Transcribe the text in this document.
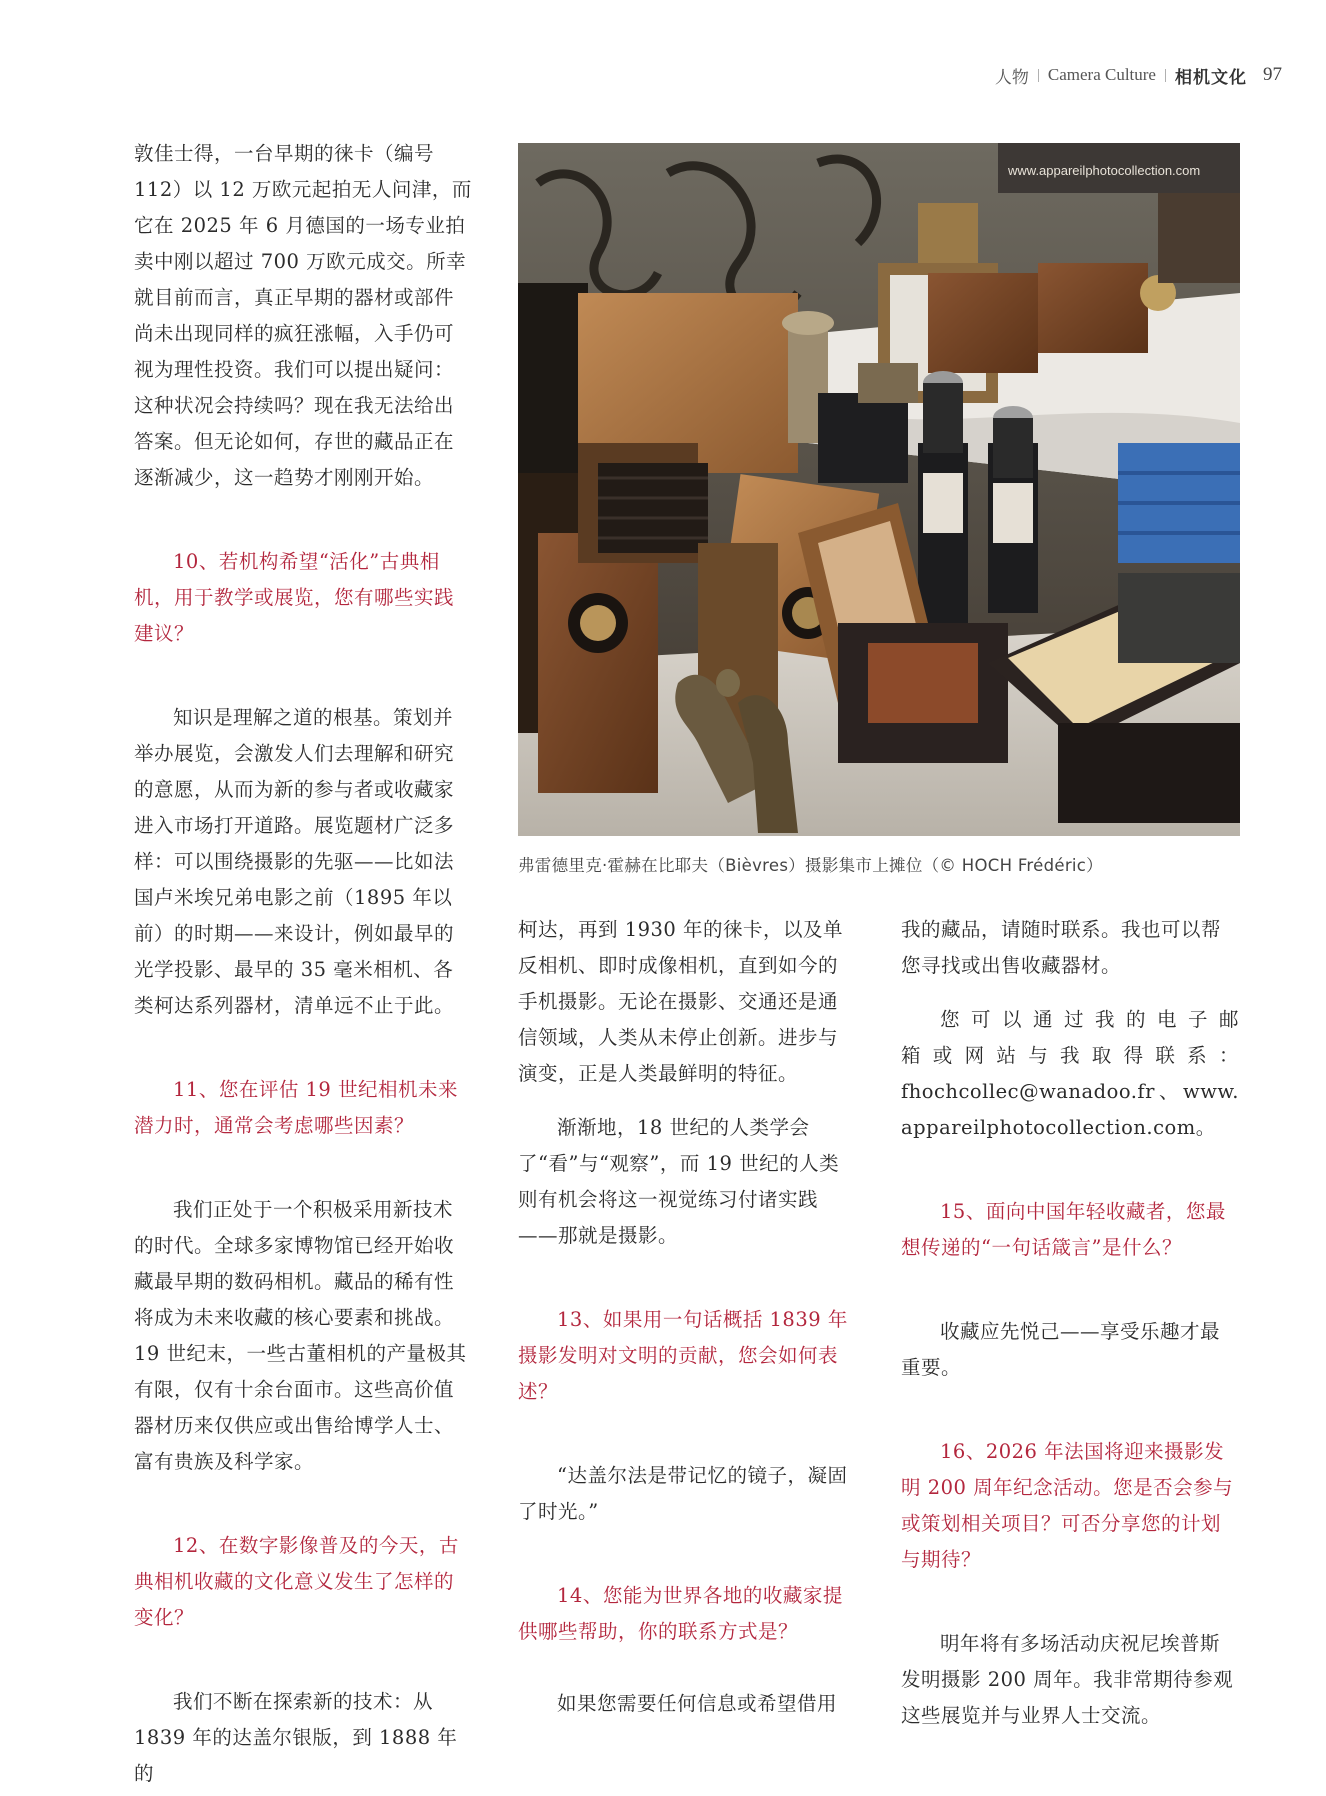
人物 | Camera Culture | 相机文化 97

敦佳士得，一台早期的徕卡（编号 112）以 12 万欧元起拍无人问津，而它在 2025 年 6 月德国的一场专业拍卖中刚以超过 700 万欧元成交。所幸就目前而言，真正早期的器材或部件尚未出现同样的疯狂涨幅，入手仍可视为理性投资。我们可以提出疑问：这种状况会持续吗？现在我无法给出答案。但无论如何，存世的藏品正在逐渐减少，这一趋势才刚刚开始。

10、若机构希望“活化”古典相机，用于教学或展览，您有哪些实践建议？

知识是理解之道的根基。策划并举办展览，会激发人们去理解和研究的意愿，从而为新的参与者或收藏家进入市场打开道路。展览题材广泛多样：可以围绕摄影的先驱——比如法国卢米埃兄弟电影之前（1895 年以前）的时期——来设计，例如最早的光学投影、最早的 35 毫米相机、各类柯达系列器材，清单远不止于此。

11、您在评估 19 世纪相机未来潜力时，通常会考虑哪些因素？

我们正处于一个积极采用新技术的时代。全球多家博物馆已经开始收藏最早期的数码相机。藏品的稀有性将成为未来收藏的核心要素和挑战。19 世纪末，一些古董相机的产量极其有限，仅有十余台面市。这些高价值器材历来仅供应或出售给博学人士、富有贵族及科学家。

12、在数字影像普及的今天，古典相机收藏的文化意义发生了怎样的变化？

我们不断在探索新的技术：从 1839 年的达盖尔银版，到 1888 年的

www.appareilphotocollection.com
弗雷德里克·霍赫在比耶夫（Bièvres）摄影集市上摊位（© HOCH Frédéric）

柯达，再到 1930 年的徕卡，以及单反相机、即时成像相机，直到如今的手机摄影。无论在摄影、交通还是通信领域，人类从未停止创新。进步与演变，正是人类最鲜明的特征。

渐渐地，18 世纪的人类学会了“看”与“观察”，而 19 世纪的人类则有机会将这一视觉练习付诸实践——那就是摄影。

13、如果用一句话概括 1839 年摄影发明对文明的贡献，您会如何表述？

“达盖尔法是带记忆的镜子，凝固了时光。”

14、您能为世界各地的收藏家提供哪些帮助，你的联系方式是？

如果您需要任何信息或希望借用

我的藏品，请随时联系。我也可以帮您寻找或出售收藏器材。

您可以通过我的电子邮
箱或网站与我取得联系：
fhochcollec@wanadoo.fr、www.
appareilphotocollection.com。
15、面向中国年轻收藏者，您最想传递的“一句话箴言”是什么？

收藏应先悦己——享受乐趣才最重要。

16、2026 年法国将迎来摄影发明 200 周年纪念活动。您是否会参与或策划相关项目？可否分享您的计划与期待？

明年将有多场活动庆祝尼埃普斯发明摄影 200 周年。我非常期待参观这些展览并与业界人士交流。
